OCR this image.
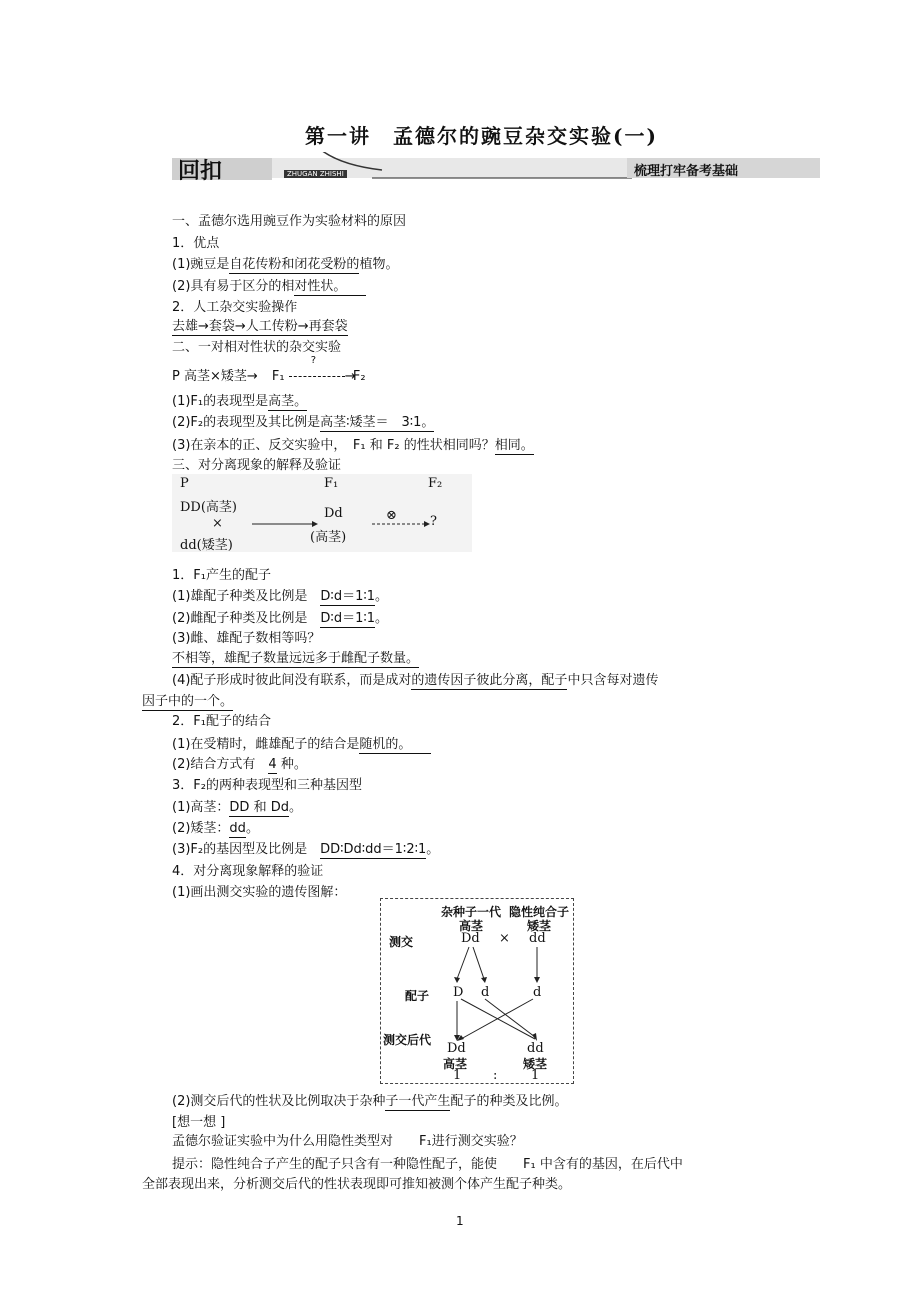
第一讲　孟德尔的豌豆杂交实验(一)
回扣	ZHUGAN ZHISHI	梳理打牢备考基础
一、孟德尔选用豌豆作为实验材料的原因
1．优点
(1)豌豆是自花传粉和闭花受粉的植物。
(2)具有易于区分的相对性状。　　
2．人工杂交实验操作
去雄→套袋→人工传粉→再套袋
二、一对相对性状的杂交实验
P 高茎×矮茎→ F₁
?
→ F₂
(1)F₁的表现型是高茎。
(2)F₂的表现型及其比例是高茎∶矮茎＝　3∶1。
(3)在亲本的正、反交实验中，　F₁ 和 F₂ 的性状相同吗？相同。
三、对分离现象的解释及验证
P
DD(高茎)
×
dd(矮茎)
F₁
Dd
(高茎)
⊗
F₂
?
1．F₁产生的配子
(1)雄配子种类及比例是　D∶d＝1∶1。
(2)雌配子种类及比例是　D∶d＝1∶1。
(3)雌、雄配子数相等吗？
不相等，雄配子数量远远多于雌配子数量。
(4)配子形成时彼此间没有联系，而是成对的遗传因子彼此分离，配子中只含每对遗传
因子中的一个。
2．F₁配子的结合
(1)在受精时，雌雄配子的结合是随机的。　　
(2)结合方式有　4 种。
3．F₂的两种表现型和三种基因型
(1)高茎：DD 和 Dd。
(2)矮茎：dd。
(3)F₂的基因型及比例是　DD∶Dd∶dd＝1∶2∶1。
4．对分离现象解释的验证
(1)画出测交实验的遗传图解：
杂种子一代 隐性纯合子
高茎	矮茎
测交	Dd × dd
配子 D d	d
测交后代
Dd	dd
高茎	矮茎
1 :	1
(2)测交后代的性状及比例取决于杂种子一代产生配子的种类及比例。
[想一想 ]
孟德尔验证实验中为什么用隐性类型对　　F₁进行测交实验？
提示：隐性纯合子产生的配子只含有一种隐性配子，能使　　F₁ 中含有的基因，在后代中
全部表现出来，分析测交后代的性状表现即可推知被测个体产生配子种类。
1
